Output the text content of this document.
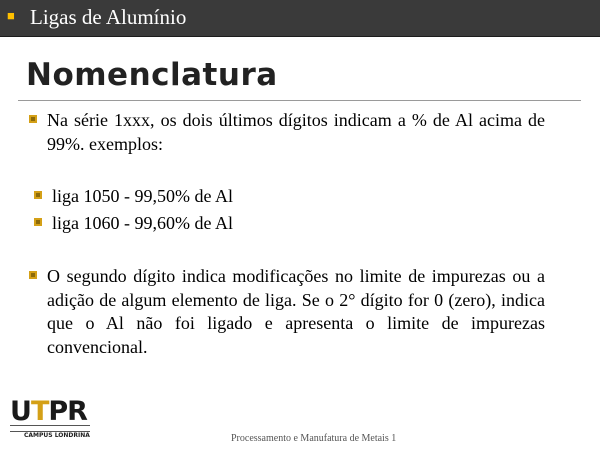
■ Ligas de Alumínio
Nomenclatura
Na série 1xxx, os dois últimos dígitos indicam a % de Al acima de 99%. exemplos:
liga 1050 - 99,50% de Al
liga 1060 - 99,60% de Al
O segundo dígito indica modificações no limite de impurezas ou a adição de algum elemento de liga. Se o 2° dígito for 0 (zero), indica que o Al não foi ligado e apresenta o limite de impurezas convencional.
UTPR
CAMPUS LONDRINA	Processamento e Manufatura de Metais 1
